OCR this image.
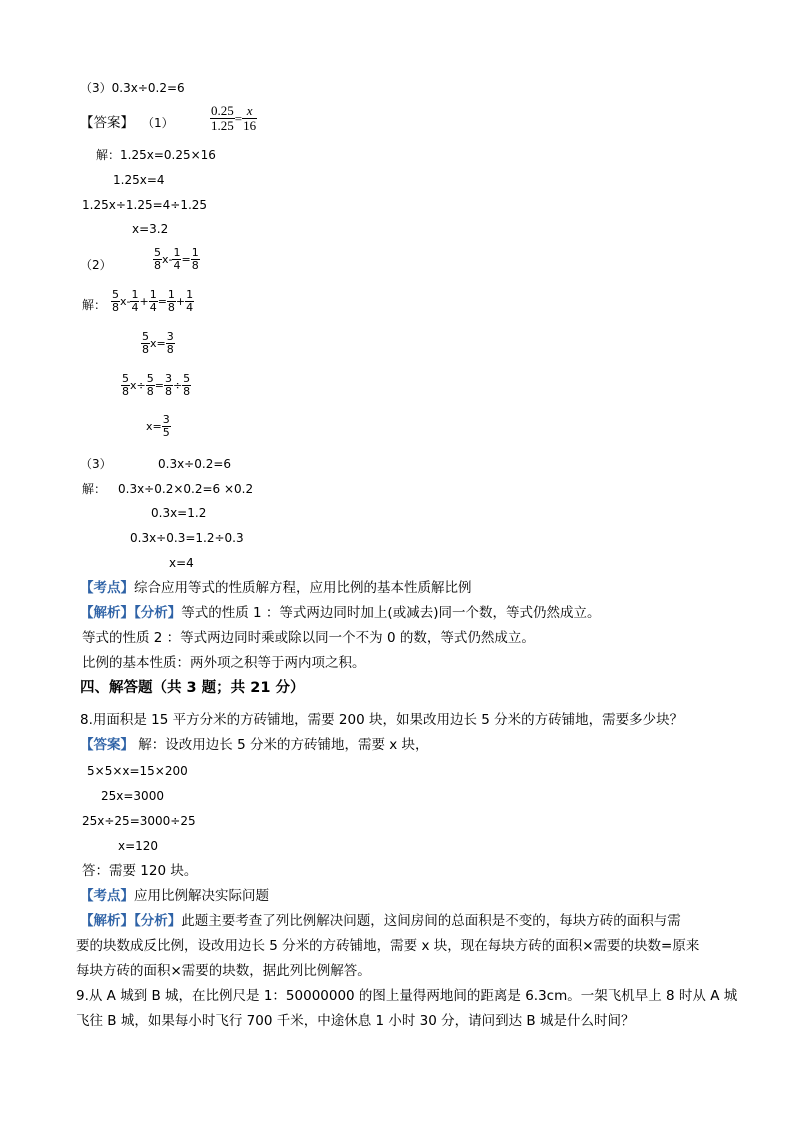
（3）0.3x÷0.2=6
【答案】 （1）	$\frac{0.25}{1.25} = \frac{x}{16}$
解：1.25x=0.25×16
1.25x=4
1.25x÷1.25=4÷1.25
x=3.2
（2）	$\frac{5}{8} x- \frac{1}{4} = \frac{1}{8}$
解： $\frac{5}{8} x- \frac{1}{4} + \frac{1}{4} = \frac{1}{8} + \frac{1}{4}$
$\frac{5}{8} x= \frac{3}{8}$
$\frac{5}{8} x\div \frac{5}{8} = \frac{3}{8} \div \frac{5}{8}$
$x= \frac{3}{5}$
（3）	0.3x÷0.2=6
解： 0.3x÷0.2×0.2=6 ×0.2
0.3x=1.2
0.3x÷0.3=1.2÷0.3
x=4
【考点】综合应用等式的性质解方程，应用比例的基本性质解比例
【解析】【分析】等式的性质 1 ：等式两边同时加上(或减去)同一个数，等式仍然成立。
等式的性质 2 ：等式两边同时乘或除以同一个不为 0 的数，等式仍然成立。
比例的基本性质：两外项之积等于两内项之积。
四、解答题（共 3 题；共 21 分）
8.用面积是 15 平方分米的方砖铺地，需要 200 块，如果改用边长 5 分米的方砖铺地，需要多少块？
【答案】 解：设改用边长 5 分米的方砖铺地，需要 x 块，
5×5×x=15×200
25x=3000
25x÷25=3000÷25
x=120
答：需要 120 块。
【考点】应用比例解决实际问题
【解析】【分析】此题主要考查了列比例解决问题，这间房间的总面积是不变的，每块方砖的面积与需
要的块数成反比例，设改用边长 5 分米的方砖铺地，需要 x 块，现在每块方砖的面积×需要的块数=原来
每块方砖的面积×需要的块数，据此列比例解答。
9.从 A 城到 B 城，在比例尺是 1：50000000 的图上量得两地间的距离是 6.3cm。一架飞机早上 8 时从 A 城
飞往 B 城，如果每小时飞行 700 千米，中途休息 1 小时 30 分，请问到达 B 城是什么时间？
